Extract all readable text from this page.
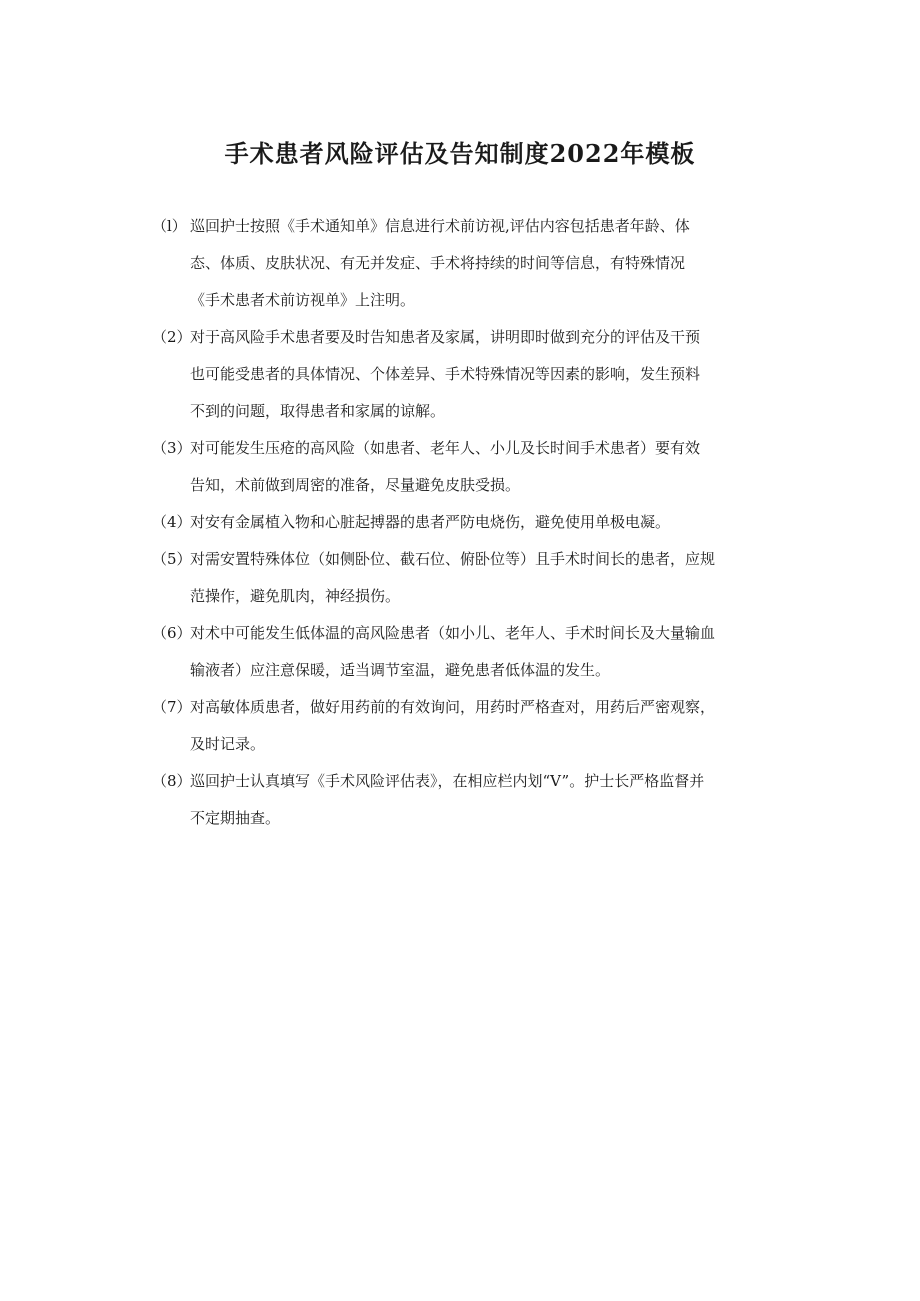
手术患者风险评估及告知制度2022年模板
（l） 巡回护士按照《手术通知单》信息进行术前访视,评估内容包括患者年龄、体
态、体质、皮肤状况、有无并发症、手术将持续的时间等信息，有特殊情况
《手术患者术前访视单》上注明。
（2）
对于高风险手术患者要及时告知患者及家属，讲明即时做到充分的评估及干预
也可能受患者的具体情况、个体差异、手术特殊情况等因素的影响，发生预料
不到的问题，取得患者和家属的谅解。
（3）
对可能发生压疮的高风险（如患者、老年人、小儿及长时间手术患者）要有效
告知，术前做到周密的准备，尽量避免皮肤受损。
（4）
对安有金属植入物和心脏起搏器的患者严防电烧伤，避免使用单极电凝。
（5）
对需安置特殊体位（如侧卧位、截石位、俯卧位等）且手术时间长的患者，应规
范操作，避免肌肉，神经损伤。
（6）
对术中可能发生低体温的高风险患者（如小儿、老年人、手术时间长及大量输血
输液者）应注意保暖，适当调节室温，避免患者低体温的发生。
（7）
对高敏体质患者，做好用药前的有效询问，用药时严格查对，用药后严密观察，
及时记录。
（8）
巡回护士认真填写《手术风险评估表》，在相应栏内划“V”。护士长严格监督并
不定期抽查。
